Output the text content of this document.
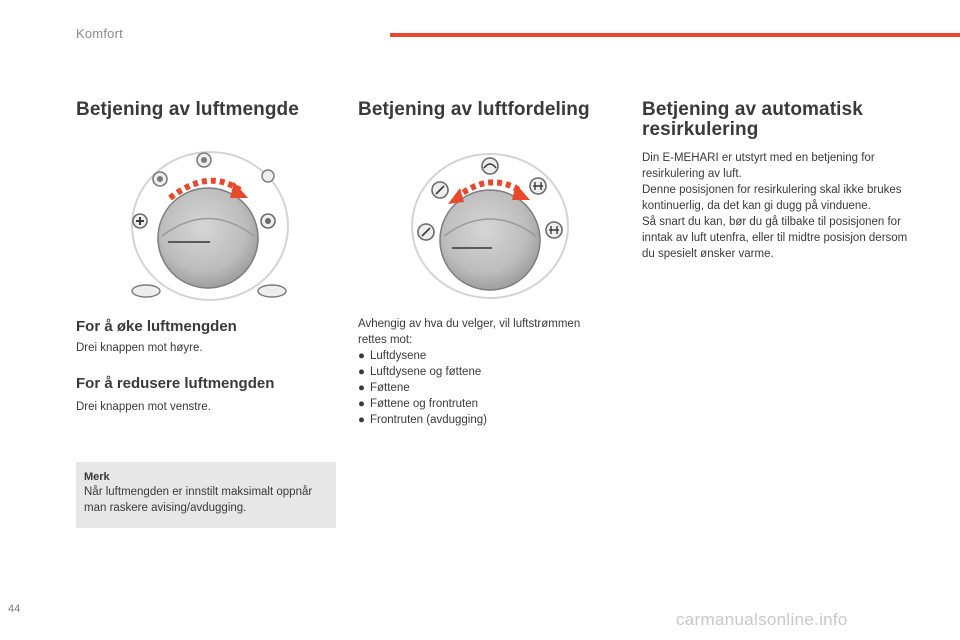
Komfort
Betjening av luftmengde
For å øke luftmengden
Drei knappen mot høyre.
For å redusere luftmengden
Drei knappen mot venstre.
Merk
Når luftmengden er innstilt maksimalt oppnår man raskere avising/avdugging.
Betjening av luftfordeling
Avhengig av hva du velger, vil luftstrømmen rettes mot:
● Luftdysene
● Luftdysene og føttene
● Føttene
● Føttene og frontruten
● Frontruten (avdugging)
Betjening av automatisk
resirkulering

Din E-MEHARI er utstyrt med en betjening for resirkulering av luft.

Denne posisjonen for resirkulering skal ikke brukes kontinuerlig, da det kan gi dugg på vinduene.

Så snart du kan, bør du gå tilbake til posisjonen for inntak av luft utenfra, eller til midtre posisjon dersom du spesielt ønsker varme.

44
carmanualsonline.info
